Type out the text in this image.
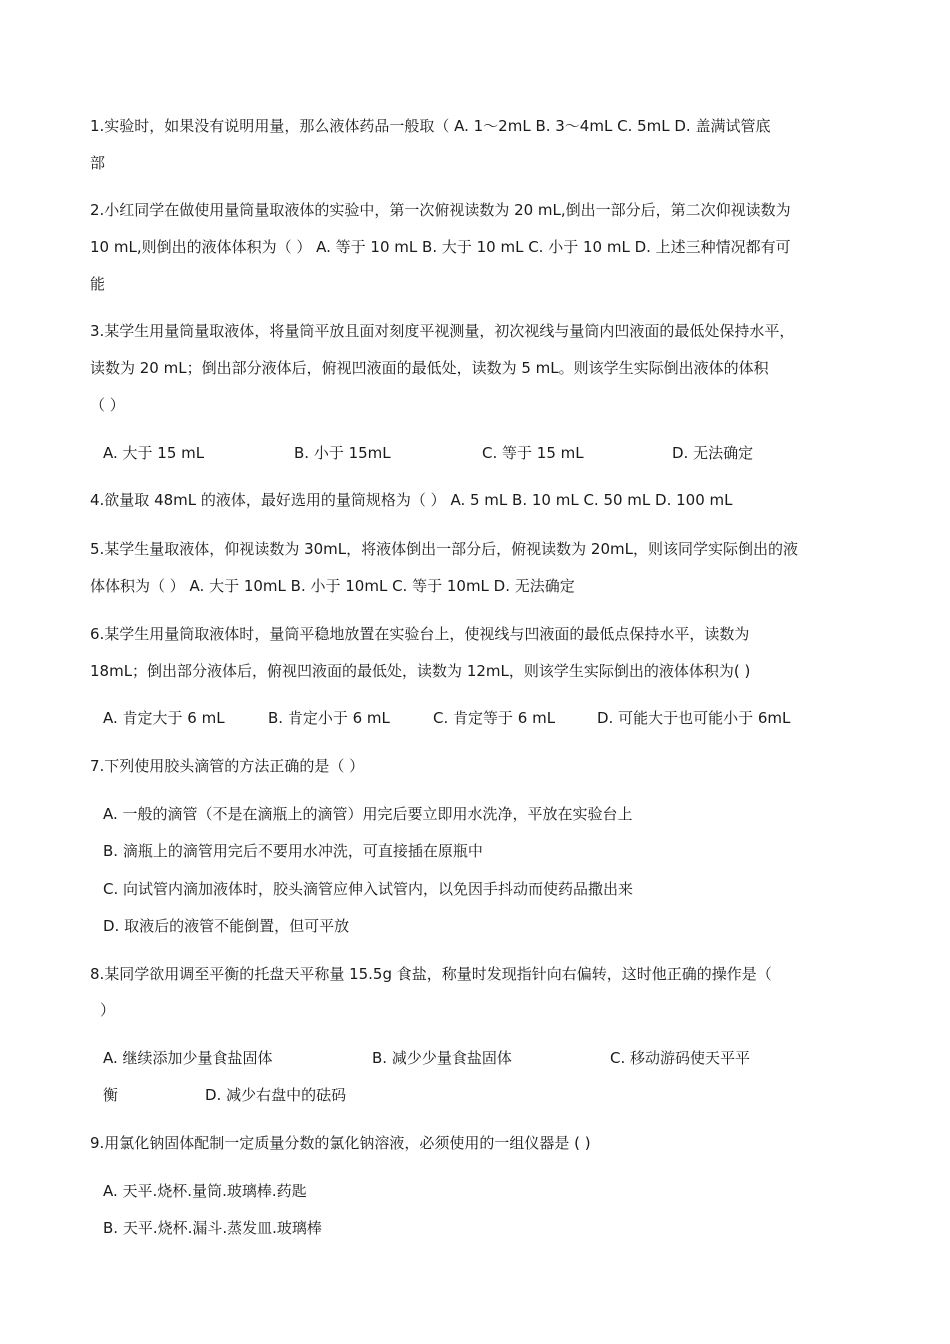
1.实验时，如果没有说明用量，那么液体药品一般取（ A. 1～2mL B. 3～4mL C. 5mL D. 盖满试管底
部
2.小红同学在做使用量筒量取液体的实验中，第一次俯视读数为 20 mL,倒出一部分后，第二次仰视读数为
10 mL,则倒出的液体体积为（ ） A. 等于 10 mL B. 大于 10 mL C. 小于 10 mL D. 上述三种情况都有可
能
3.某学生用量筒量取液体，将量筒平放且面对刻度平视测量，初次视线与量筒内凹液面的最低处保持水平，
读数为 20 mL；倒出部分液体后，俯视凹液面的最低处，读数为 5 mL。则该学生实际倒出液体的体积
（ ）
A. 大于 15 mL	B. 小于 15mL	C. 等于 15 mL	D. 无法确定
4.欲量取 48mL 的液体，最好选用的量筒规格为（ ） A. 5 mL B. 10 mL C. 50 mL D. 100 mL
5.某学生量取液体，仰视读数为 30mL，将液体倒出一部分后，俯视读数为 20mL，则该同学实际倒出的液
体体积为（ ） A. 大于 10mL B. 小于 10mL C. 等于 10mL D. 无法确定
6.某学生用量筒取液体时，量筒平稳地放置在实验台上，使视线与凹液面的最低点保持水平，读数为
18mL；倒出部分液体后，俯视凹液面的最低处，读数为 12mL，则该学生实际倒出的液体体积为( )
A. 肯定大于 6 mL	B. 肯定小于 6 mL	C. 肯定等于 6 mL	D. 可能大于也可能小于 6mL
7.下列使用胶头滴管的方法正确的是（ ）
A. 一般的滴管（不是在滴瓶上的滴管）用完后要立即用水洗净，平放在实验台上
B. 滴瓶上的滴管用完后不要用水冲洗，可直接插在原瓶中
C. 向试管内滴加液体时，胶头滴管应伸入试管内，以免因手抖动而使药品撒出来
D. 取液后的液管不能倒置，但可平放
8.某同学欲用调至平衡的托盘天平称量 15.5g 食盐，称量时发现指针向右偏转，这时他正确的操作是（
）
A. 继续添加少量食盐固体	B. 减少少量食盐固体	C. 移动游码使天平平
衡	D. 减少右盘中的砝码
9.用氯化钠固体配制一定质量分数的氯化钠溶液，必须使用的一组仪器是 ( )
A. 天平.烧杯.量筒.玻璃棒.药匙
B. 天平.烧杯.漏斗.蒸发皿.玻璃棒
